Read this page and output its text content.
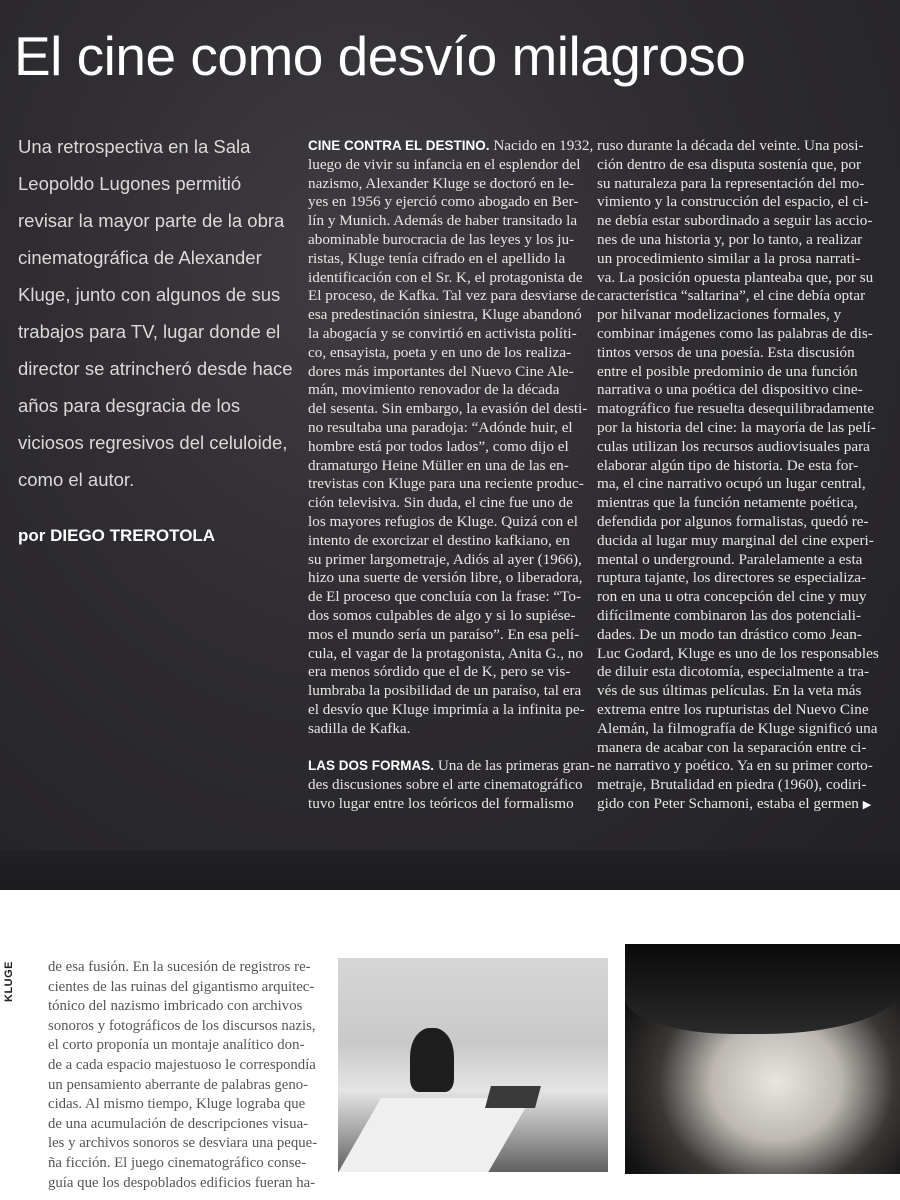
El cine como desvío milagroso
Una retrospectiva en la Sala
Leopoldo Lugones permitió
revisar la mayor parte de la obra
cinematográfica de Alexander
Kluge, junto con algunos de sus
trabajos para TV, lugar donde el
director se atrincheró desde hace
años para desgracia de los
viciosos regresivos del celuloide,
como el autor.
por DIEGO TREROTOLA
CINE CONTRA EL DESTINO. Nacido en 1932,
luego de vivir su infancia en el esplendor del
nazismo, Alexander Kluge se doctoró en le-
yes en 1956 y ejerció como abogado en Ber-
lín y Munich. Además de haber transitado la
abominable burocracia de las leyes y los ju-
ristas, Kluge tenía cifrado en el apellido la
identificación con el Sr. K, el protagonista de
El proceso, de Kafka. Tal vez para desviarse de
esa predestinación siniestra, Kluge abandonó
la abogacía y se convirtió en activista políti-
co, ensayista, poeta y en uno de los realiza-
dores más importantes del Nuevo Cine Ale-
mán, movimiento renovador de la década
del sesenta. Sin embargo, la evasión del desti-
no resultaba una paradoja: “Adónde huir, el
hombre está por todos lados”, como dijo el
dramaturgo Heine Müller en una de las en-
trevistas con Kluge para una reciente produc-
ción televisiva. Sin duda, el cine fue uno de
los mayores refugios de Kluge. Quizá con el
intento de exorcizar el destino kafkiano, en
su primer largometraje, Adiós al ayer (1966),
hizo una suerte de versión libre, o liberadora,
de El proceso que concluía con la frase: “To-
dos somos culpables de algo y si lo supiése-
mos el mundo sería un paraíso”. En esa pelí-
cula, el vagar de la protagonista, Anita G., no
era menos sórdido que el de K, pero se vis-
lumbraba la posibilidad de un paraíso, tal era
el desvío que Kluge imprimía a la infinita pe-
sadilla de Kafka.
LAS DOS FORMAS. Una de las primeras gran-
des discusiones sobre el arte cinematográfico
tuvo lugar entre los teóricos del formalismo
ruso durante la década del veinte. Una posi-
ción dentro de esa disputa sostenía que, por
su naturaleza para la representación del mo-
vimiento y la construcción del espacio, el ci-
ne debía estar subordinado a seguir las accio-
nes de una historia y, por lo tanto, a realizar
un procedimiento similar a la prosa narrati-
va. La posición opuesta planteaba que, por su
característica “saltarina”, el cine debía optar
por hilvanar modelizaciones formales, y
combinar imágenes como las palabras de dis-
tintos versos de una poesía. Esta discusión
entre el posible predominio de una función
narrativa o una poética del dispositivo cine-
matográfico fue resuelta desequilibradamente
por la historia del cine: la mayoría de las pelí-
culas utilizan los recursos audiovisuales para
elaborar algún tipo de historia. De esta for-
ma, el cine narrativo ocupó un lugar central,
mientras que la función netamente poética,
defendida por algunos formalistas, quedó re-
ducida al lugar muy marginal del cine experi-
mental o underground. Paralelamente a esta
ruptura tajante, los directores se especializa-
ron en una u otra concepción del cine y muy
difícilmente combinaron las dos potenciali-
dades. De un modo tan drástico como Jean-
Luc Godard, Kluge es uno de los responsables
de diluir esta dicotomía, especialmente a tra-
vés de sus últimas películas. En la veta más
extrema entre los rupturistas del Nuevo Cine
Alemán, la filmografía de Kluge significó una
manera de acabar con la separación entre ci-
ne narrativo y poético. Ya en su primer corto-
metraje, Brutalidad en piedra (1960), codiri-
gido con Peter Schamoni, estaba el germen ▶
KLUGE de esa fusión. En la sucesión de registros re-
cientes de las ruinas del gigantismo arquitec-
tónico del nazismo imbricado con archivos
sonoros y fotográficos de los discursos nazis,
el corto proponía un montaje analítico don-
de a cada espacio majestuoso le correspondía
un pensamiento aberrante de palabras geno-
cidas. Al mismo tiempo, Kluge lograba que
de una acumulación de descripciones visua-
les y archivos sonoros se desviara una peque-
ña ficción. El juego cinematográfico conse-
guía que los despoblados edificios fueran ha-
